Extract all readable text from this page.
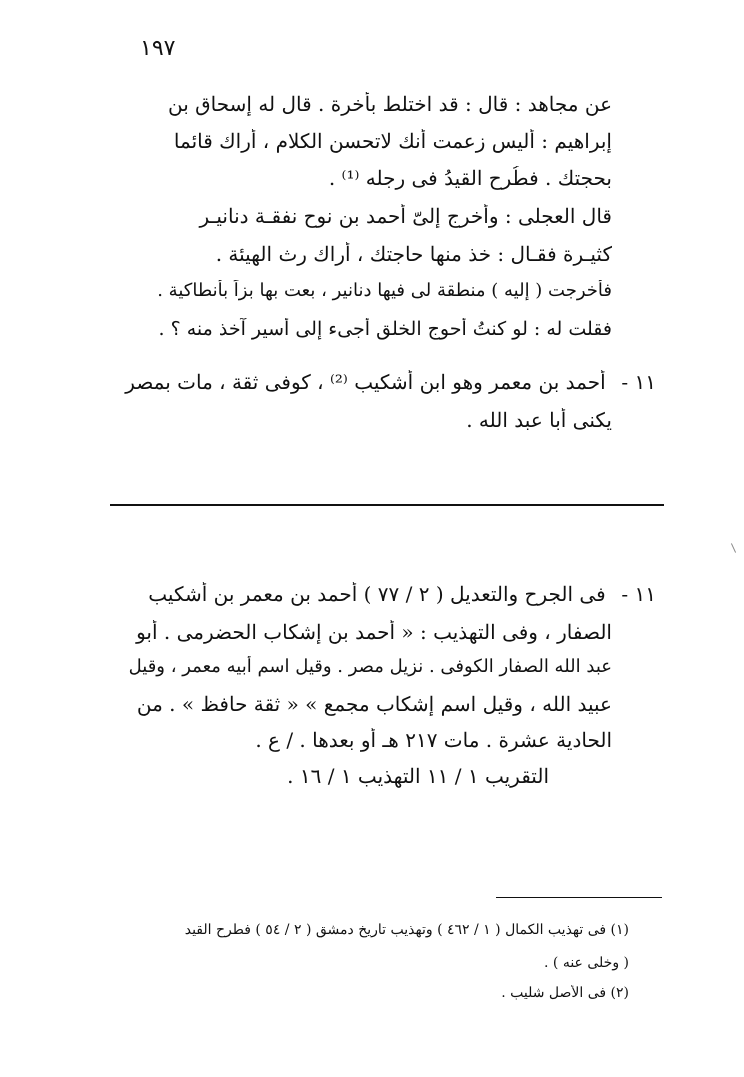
١٩٧
عن مجاهد : قال : قد اختلط بأخرة . قال له إسحاق بن
إبراهيم : أليس زعمت أنك لاتحسن الكلام ، أراك قائما
بحجتك . فطُرح القيدُ فى رجله ⁽¹⁾ .
قال العجلى : وأخرج إلىّ أحمد بن نوح نفقـة دنانيـر
كثيـرة فقـال : خذ منها حاجتك ، أراك رث الهيئة .
فأخرجت ( إليه ) منطقة لى فيها دنانير ، بعت بها بزاً بأنطاكية .
فقلت له : لو كنتُ أحوج الخلق أجىء إلى أسير آخذ منه ؟ .
١١ - أحمد بن معمر وهو ابن أشكيب ⁽²⁾ ، كوفى ثقة ، مات بمصر
يكنى أبا عبد الله .
١١ - فى الجرح والتعديل ( ٢ / ٧٧ ) أحمد بن معمر بن أشكيب
الصفار ، وفى التهذيب : « أحمد بن إشكاب الحضرمى . أبو
عبد الله الصفار الكوفى . نزيل مصر . وقيل اسم أبيه معمر ، وقيل
عبيد الله ، وقيل اسم إشكاب مجمع » « ثقة حافظ » . من
الحادية عشرة . مات ٢١٧ هـ أو بعدها . / ع .
التقريب ١ / ١١ التهذيب ١ / ١٦ .
(١) فى تهذيب الكمال ( ١ / ٤٦٢ ) وتهذيب تاريخ دمشق ( ٢ / ٥٤ ) فطرح القيد
( وخلى عنه ) .
(٢) فى الأصل شليب .
